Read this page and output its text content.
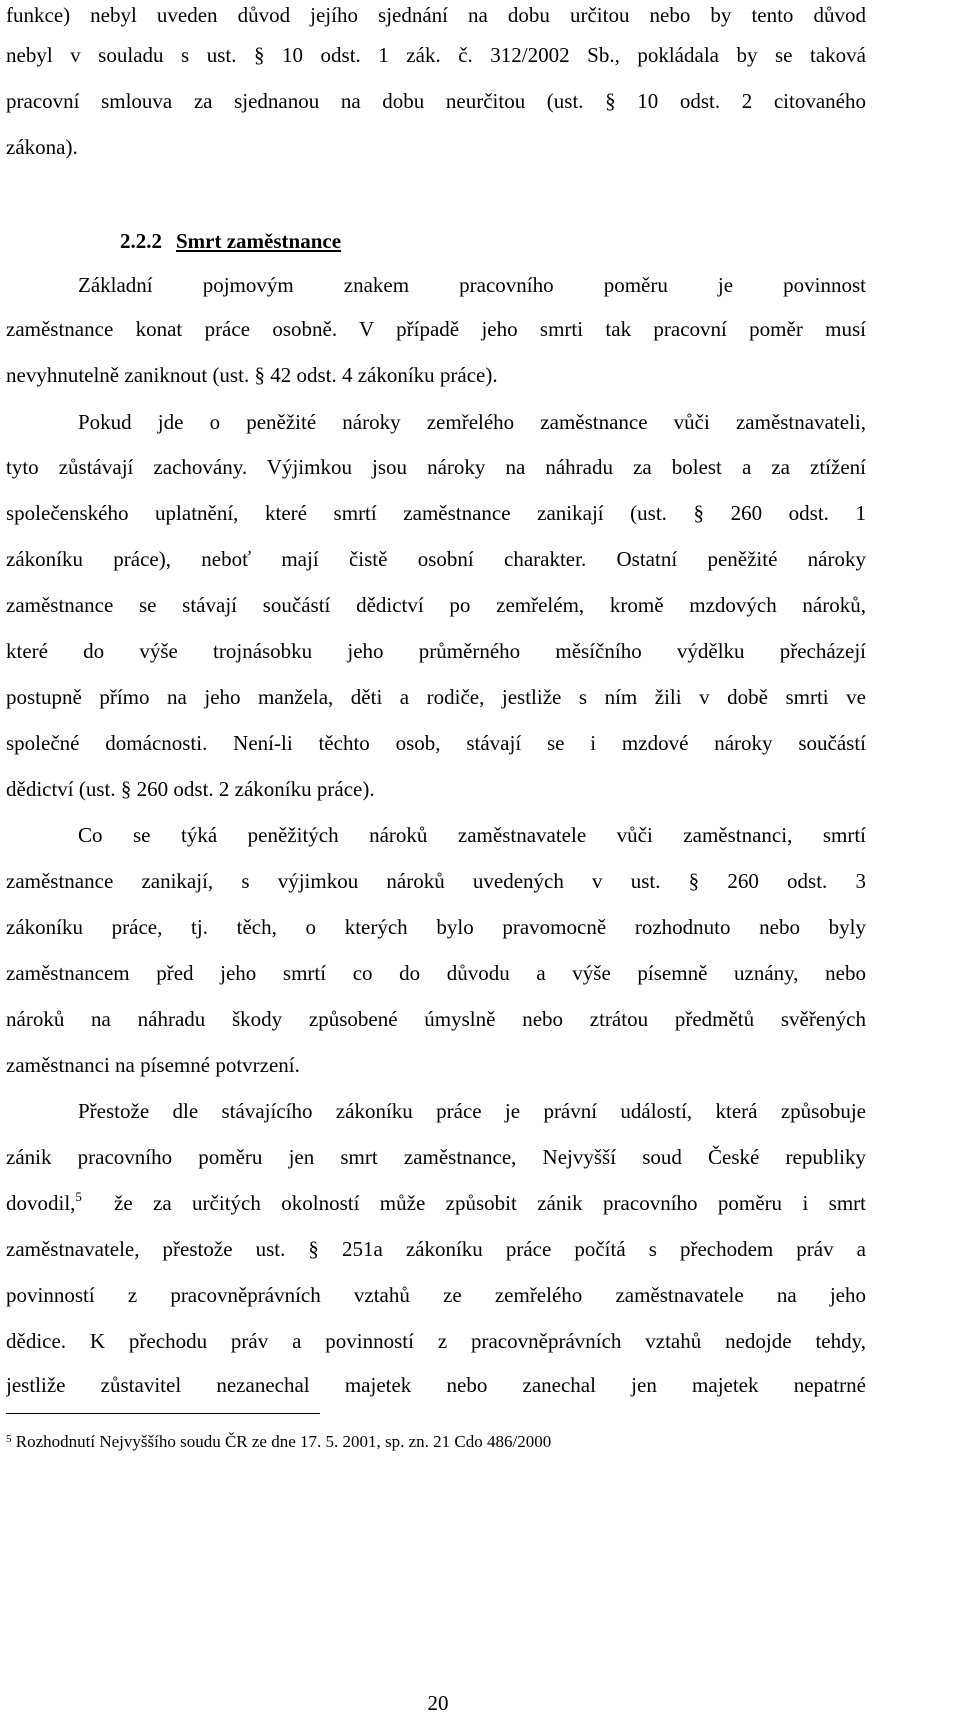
funkce) nebyl uveden důvod jejího sjednání na dobu určitou nebo by tento důvod
nebyl v souladu s ust. § 10 odst. 1 zák. č. 312/2002 Sb., pokládala by se taková
pracovní smlouva za sjednanou na dobu neurčitou (ust. § 10 odst. 2 citovaného
zákona).
2.2.2 Smrt zaměstnance
Základní pojmovým znakem pracovního poměru je povinnost
zaměstnance konat práce osobně. V případě jeho smrti tak pracovní poměr musí
nevyhnutelně zaniknout (ust. § 42 odst. 4 zákoníku práce).
Pokud jde o peněžité nároky zemřelého zaměstnance vůči zaměstnavateli,
tyto zůstávají zachovány. Výjimkou jsou nároky na náhradu za bolest a za ztížení
společenského uplatnění, které smrtí zaměstnance zanikají (ust. § 260 odst. 1
zákoníku práce), neboť mají čistě osobní charakter. Ostatní peněžité nároky
zaměstnance se stávají součástí dědictví po zemřelém, kromě mzdových nároků,
které do výše trojnásobku jeho průměrného měsíčního výdělku přecházejí
postupně přímo na jeho manžela, děti a rodiče, jestliže s ním žili v době smrti ve
společné domácnosti. Není-li těchto osob, stávají se i mzdové nároky součástí
dědictví (ust. § 260 odst. 2 zákoníku práce).
Co se týká peněžitých nároků zaměstnavatele vůči zaměstnanci, smrtí
zaměstnance zanikají, s výjimkou nároků uvedených v ust. § 260 odst. 3
zákoníku práce, tj. těch, o kterých bylo pravomocně rozhodnuto nebo byly
zaměstnancem před jeho smrtí co do důvodu a výše písemně uznány, nebo
nároků na náhradu škody způsobené úmyslně nebo ztrátou předmětů svěřených
zaměstnanci na písemné potvrzení.
Přestože dle stávajícího zákoníku práce je právní událostí, která způsobuje
zánik pracovního poměru jen smrt zaměstnance, Nejvyšší soud České republiky
dovodil,$^5$ že za určitých okolností může způsobit zánik pracovního poměru i smrt
zaměstnavatele, přestože ust. § 251a zákoníku práce počítá s přechodem práv a
povinností z pracovněprávních vztahů ze zemřelého zaměstnavatele na jeho
dědice. K přechodu práv a povinností z pracovněprávních vztahů nedojde tehdy,
jestliže zůstavitel nezanechal majetek nebo zanechal jen majetek nepatrné
$^5$ Rozhodnutí Nejvyššího soudu ČR ze dne 17. 5. 2001, sp. zn. 21 Cdo 486/2000
20
